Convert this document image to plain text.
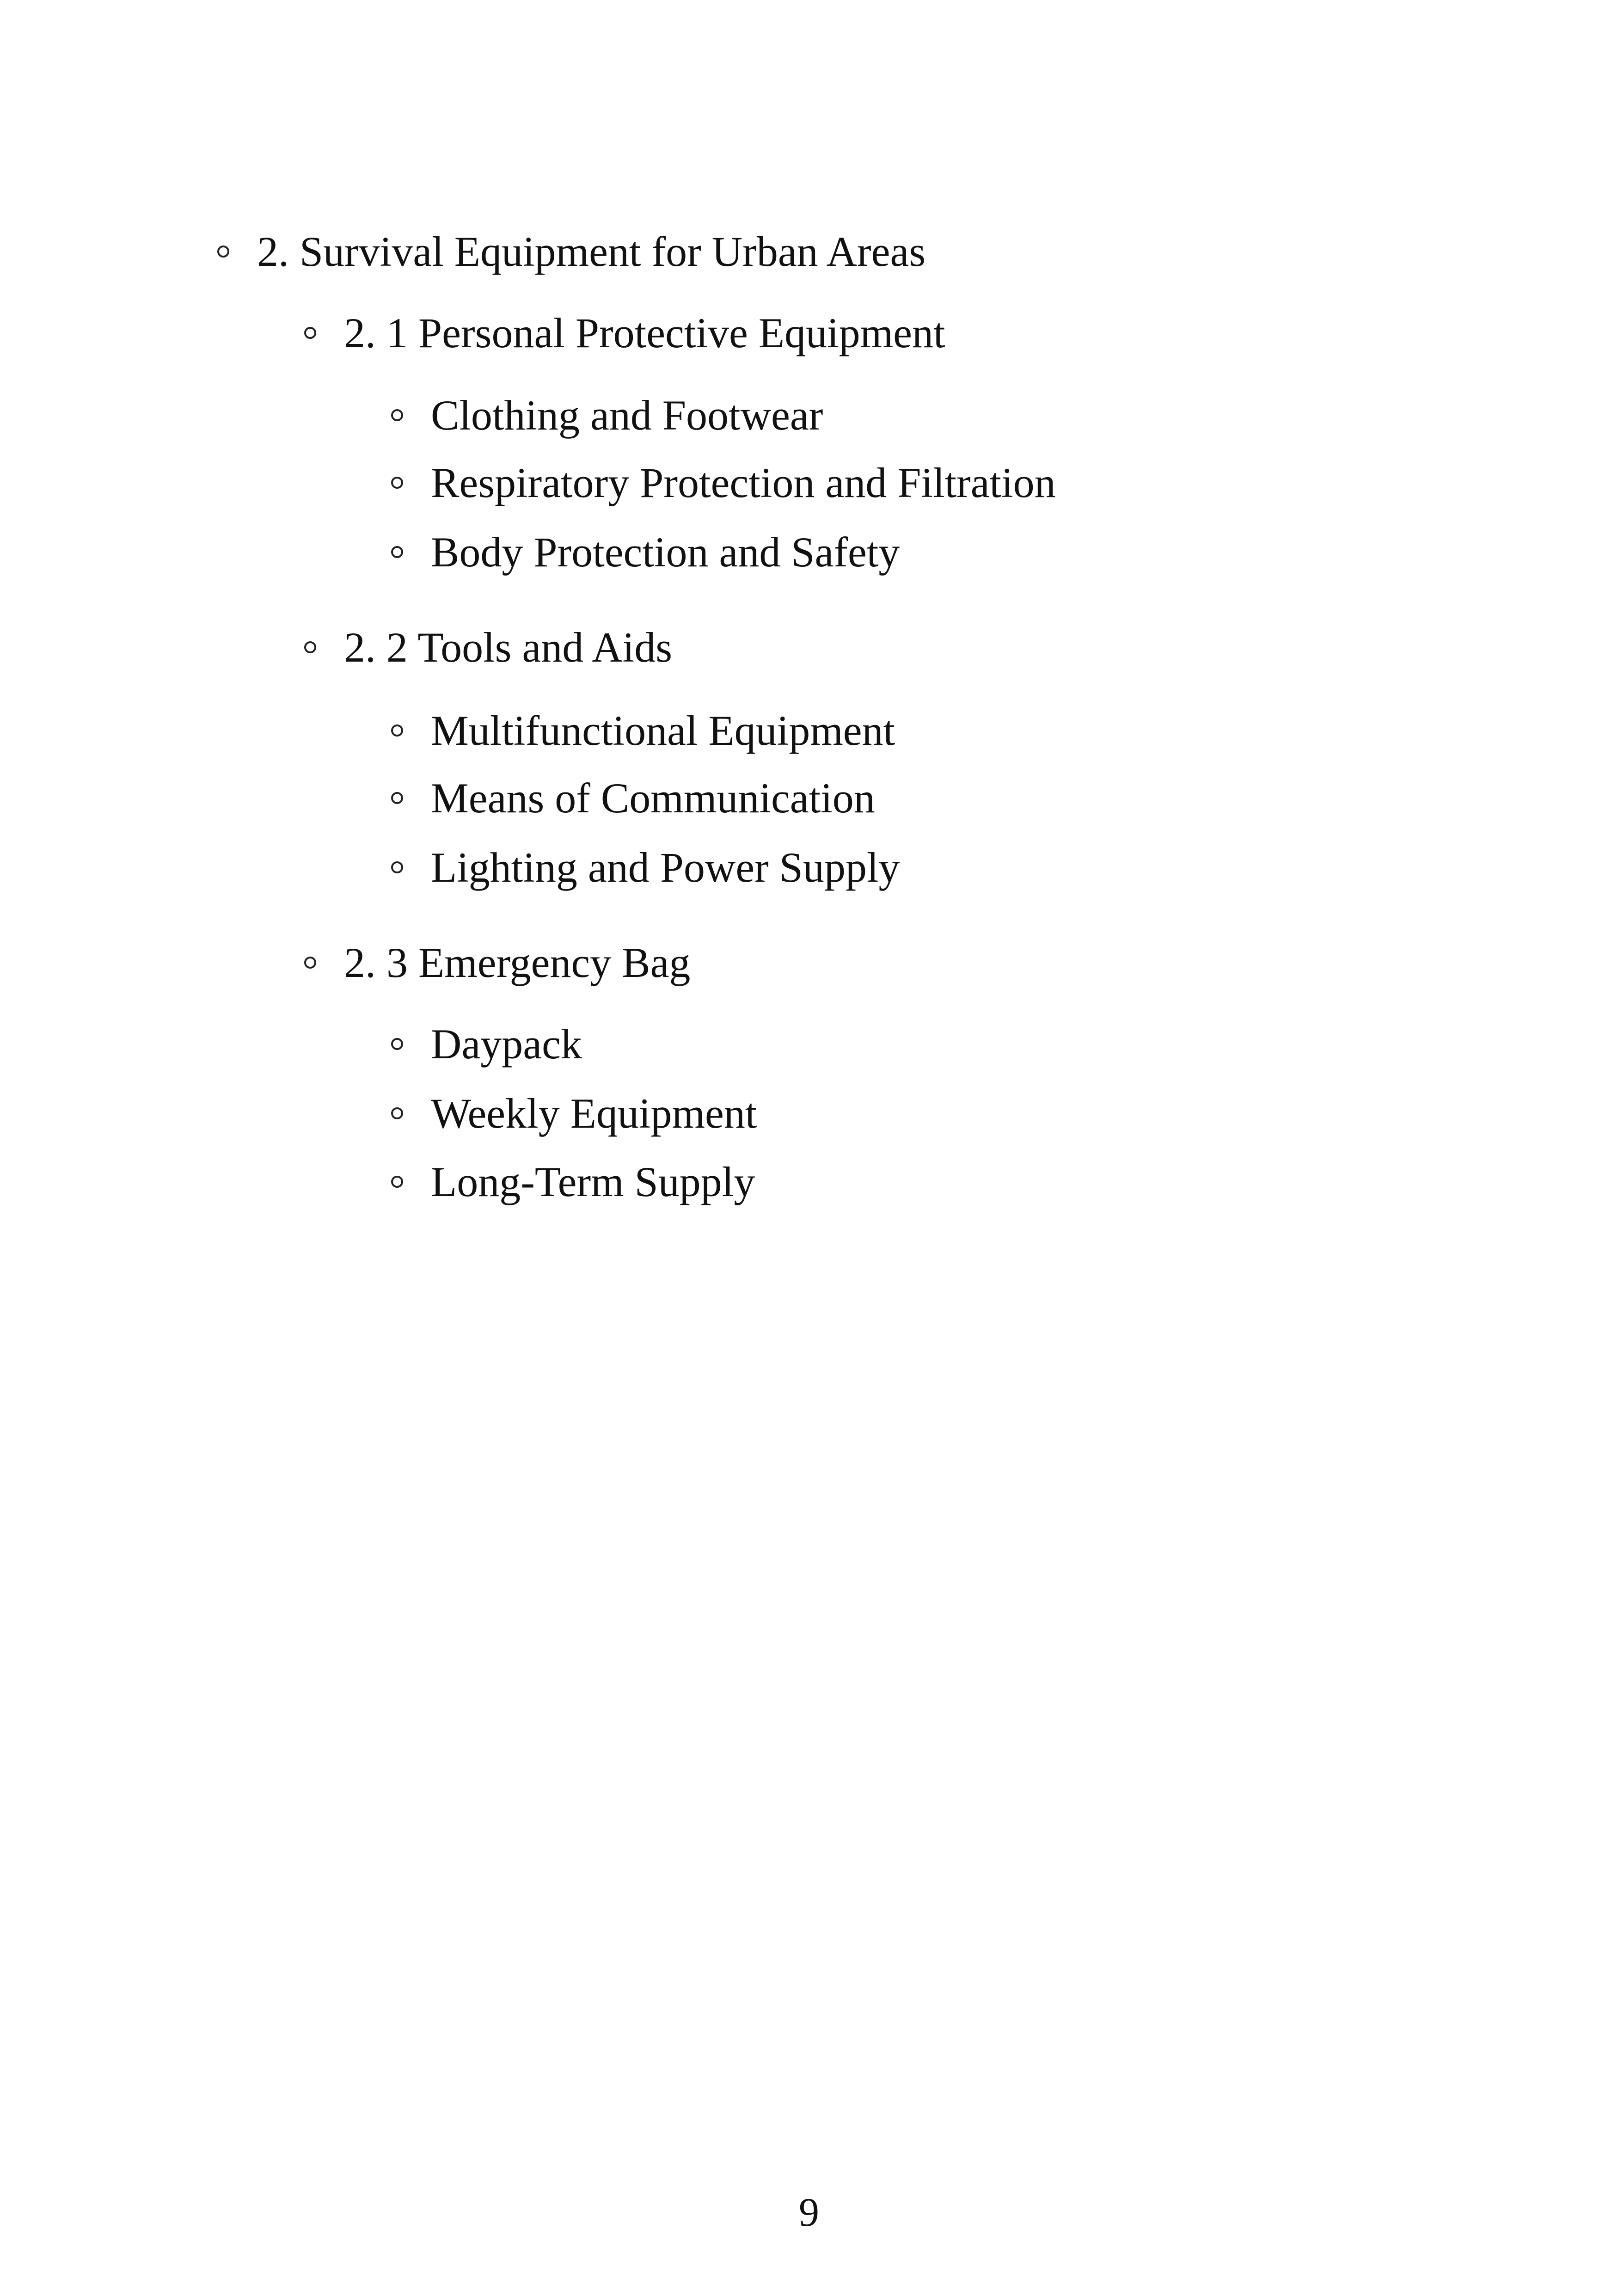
2. Survival Equipment for Urban Areas
2. 1 Personal Protective Equipment
Clothing and Footwear
Respiratory Protection and Filtration
Body Protection and Safety
2. 2 Tools and Aids
Multifunctional Equipment
Means of Communication
Lighting and Power Supply
2. 3 Emergency Bag
Daypack
Weekly Equipment
Long-Term Supply
9
